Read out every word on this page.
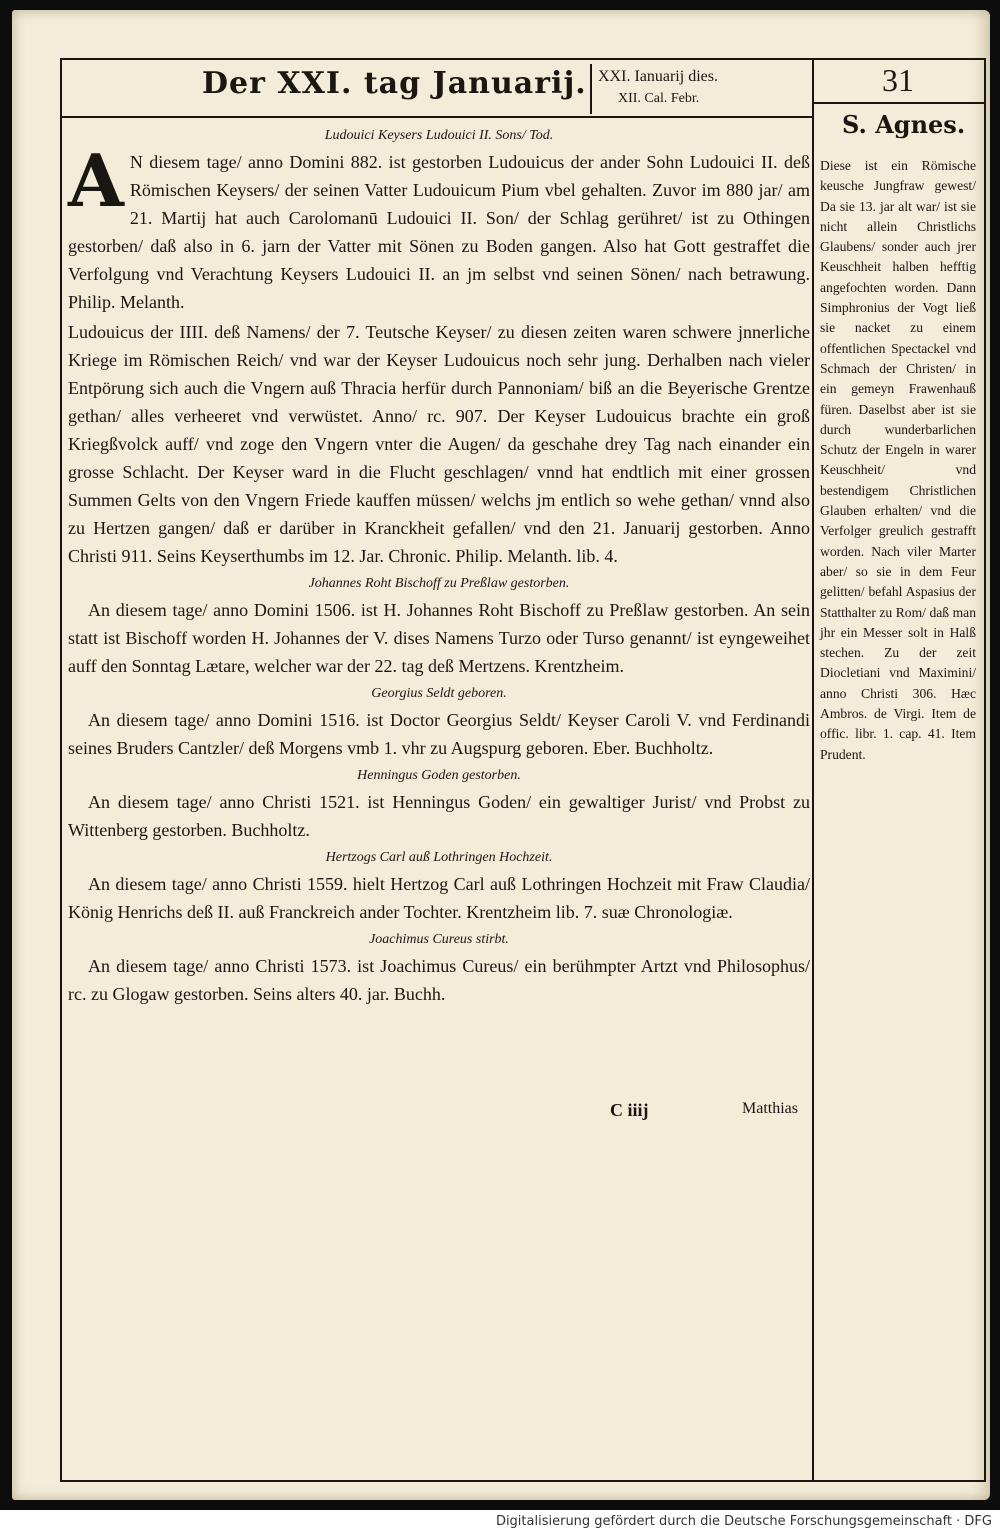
Der XXI. tag Januarij. XXI. Ianuarij dies.
XII. Cal. Febr.
31
S. Agnes.
Diese ist ein Römische keusche Jungfraw gewest/ Da sie 13. jar alt war/ ist sie nicht allein Christlichs Glaubens/ sonder auch jrer Keuschheit halben hefftig angefochten worden. Dann Simphronius der Vogt ließ sie nacket zu einem offentlichen Spectackel vnd Schmach der Christen/ in ein gemeyn Frawenhauß füren. Daselbst aber ist sie durch wunderbarlichen Schutz der Engeln in warer Keuschheit/ vnd bestendigem Christlichen Glauben erhalten/ vnd die Verfolger greulich gestrafft worden. Nach viler Marter aber/ so sie in dem Feur gelitten/ befahl Aspasius der Statthalter zu Rom/ daß man jhr ein Messer solt in Halß stechen. Zu der zeit Diocletiani vnd Maximini/ anno Christi 306. Hæc Ambros. de Virgi. Item de offic. libr. 1. cap. 41. Item Prudent.
Ludouici Keysers Ludouici II. Sons/ Tod.

A N diesem tage/ anno Domini 882. ist gestorben Ludouicus der ander Sohn Ludouici II. deß Römischen Keysers/ der seinen Vatter Ludouicum Pium vbel gehalten. Zuvor im 880 jar/ am 21. Martij hat auch Carolomanū Ludouici II. Son/ der Schlag gerühret/ ist zu Othingen gestorben/ daß also in 6. jarn der Vatter mit Sönen zu Boden gangen. Also hat Gott gestraffet die Verfolgung vnd Verachtung Keysers Ludouici II. an jm selbst vnd seinen Sönen/ nach betrawung. Philip. Melanth.

Ludouicus der IIII. deß Namens/ der 7. Teutsche Keyser/ zu diesen zeiten waren schwere jnnerliche Kriege im Römischen Reich/ vnd war der Keyser Ludouicus noch sehr jung. Derhalben nach vieler Entpörung sich auch die Vngern auß Thracia herfür durch Pannoniam/ biß an die Beyerische Grentze gethan/ alles verheeret vnd verwüstet. Anno/ rc. 907. Der Keyser Ludouicus brachte ein groß Kriegßvolck auff/ vnd zoge den Vngern vnter die Augen/ da geschahe drey Tag nach einander ein grosse Schlacht. Der Keyser ward in die Flucht geschlagen/ vnnd hat endtlich mit einer grossen Summen Gelts von den Vngern Friede kauffen müssen/ welchs jm entlich so wehe gethan/ vnnd also zu Hertzen gangen/ daß er darüber in Kranckheit gefallen/ vnd den 21. Januarij gestorben. Anno Christi 911. Seins Keyserthumbs im 12. Jar. Chronic. Philip. Melanth. lib. 4.

Johannes Roht Bischoff zu Preßlaw gestorben.

An diesem tage/ anno Domini 1506. ist H. Johannes Roht Bischoff zu Preßlaw gestorben. An sein statt ist Bischoff worden H. Johannes der V. dises Namens Turzo oder Turso genannt/ ist eyngeweihet auff den Sonntag Lætare, welcher war der 22. tag deß Mertzens. Krentzheim.

Georgius Seldt geboren.

An diesem tage/ anno Domini 1516. ist Doctor Georgius Seldt/ Keyser Caroli V. vnd Ferdinandi seines Bruders Cantzler/ deß Morgens vmb 1. vhr zu Augspurg geboren. Eber. Buchholtz.

Henningus Goden gestorben.

An diesem tage/ anno Christi 1521. ist Henningus Goden/ ein gewaltiger Jurist/ vnd Probst zu Wittenberg gestorben. Buchholtz.

Hertzogs Carl auß Lothringen Hochzeit.

An diesem tage/ anno Christi 1559. hielt Hertzog Carl auß Lothringen Hochzeit mit Fraw Claudia/ König Henrichs deß II. auß Franckreich ander Tochter. Krentzheim lib. 7. suæ Chronologiæ.

Joachimus Cureus stirbt.

An diesem tage/ anno Christi 1573. ist Joachimus Cureus/ ein berühmpter Artzt vnd Philosophus/ rc. zu Glogaw gestorben. Seins alters 40. jar. Buchh.

C iiij	Matthias
Digitalisierung gefördert durch die Deutsche Forschungsgemeinschaft · DFG
